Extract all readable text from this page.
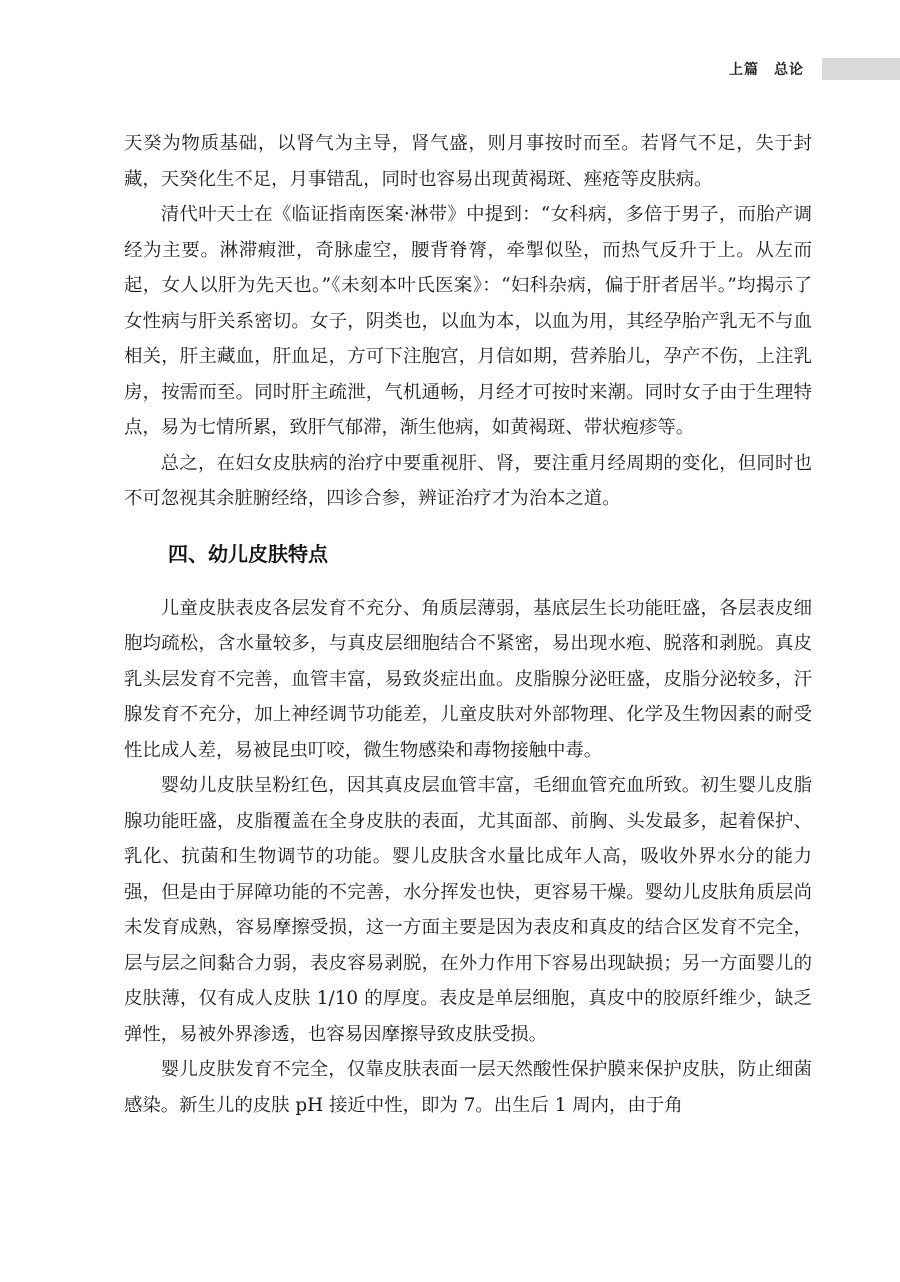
上篇　总论

天癸为物质基础，以肾气为主导，肾气盛，则月事按时而至。若肾气不足，失于封藏，天癸化生不足，月事错乱，同时也容易出现黄褐斑、痤疮等皮肤病。

清代叶天士在《临证指南医案·淋带》中提到：“女科病，多倍于男子，而胎产调经为主要。淋滞瘕泄，奇脉虚空，腰背脊膂，牵掣似坠，而热气反升于上。从左而起，女人以肝为先天也。”《未刻本叶氏医案》：“妇科杂病，偏于肝者居半。”均揭示了女性病与肝关系密切。女子，阴类也，以血为本，以血为用，其经孕胎产乳无不与血相关，肝主藏血，肝血足，方可下注胞宫，月信如期，营养胎儿，孕产不伤，上注乳房，按需而至。同时肝主疏泄，气机通畅，月经才可按时来潮。同时女子由于生理特点，易为七情所累，致肝气郁滞，渐生他病，如黄褐斑、带状疱疹等。

总之，在妇女皮肤病的治疗中要重视肝、肾，要注重月经周期的变化，但同时也不可忽视其余脏腑经络，四诊合参，辨证治疗才为治本之道。

四、幼儿皮肤特点

儿童皮肤表皮各层发育不充分、角质层薄弱，基底层生长功能旺盛，各层表皮细胞均疏松，含水量较多，与真皮层细胞结合不紧密，易出现水疱、脱落和剥脱。真皮乳头层发育不完善，血管丰富，易致炎症出血。皮脂腺分泌旺盛，皮脂分泌较多，汗腺发育不充分，加上神经调节功能差，儿童皮肤对外部物理、化学及生物因素的耐受性比成人差，易被昆虫叮咬，微生物感染和毒物接触中毒。

婴幼儿皮肤呈粉红色，因其真皮层血管丰富，毛细血管充血所致。初生婴儿皮脂腺功能旺盛，皮脂覆盖在全身皮肤的表面，尤其面部、前胸、头发最多，起着保护、乳化、抗菌和生物调节的功能。婴儿皮肤含水量比成年人高，吸收外界水分的能力强，但是由于屏障功能的不完善，水分挥发也快，更容易干燥。婴幼儿皮肤角质层尚未发育成熟，容易摩擦受损，这一方面主要是因为表皮和真皮的结合区发育不完全，层与层之间黏合力弱，表皮容易剥脱，在外力作用下容易出现缺损；另一方面婴儿的皮肤薄，仅有成人皮肤 1/10 的厚度。表皮是单层细胞，真皮中的胶原纤维少，缺乏弹性，易被外界渗透，也容易因摩擦导致皮肤受损。

婴儿皮肤发育不完全，仅靠皮肤表面一层天然酸性保护膜来保护皮肤，防止细菌感染。新生儿的皮肤 pH 接近中性，即为 7。出生后 1 周内，由于角
